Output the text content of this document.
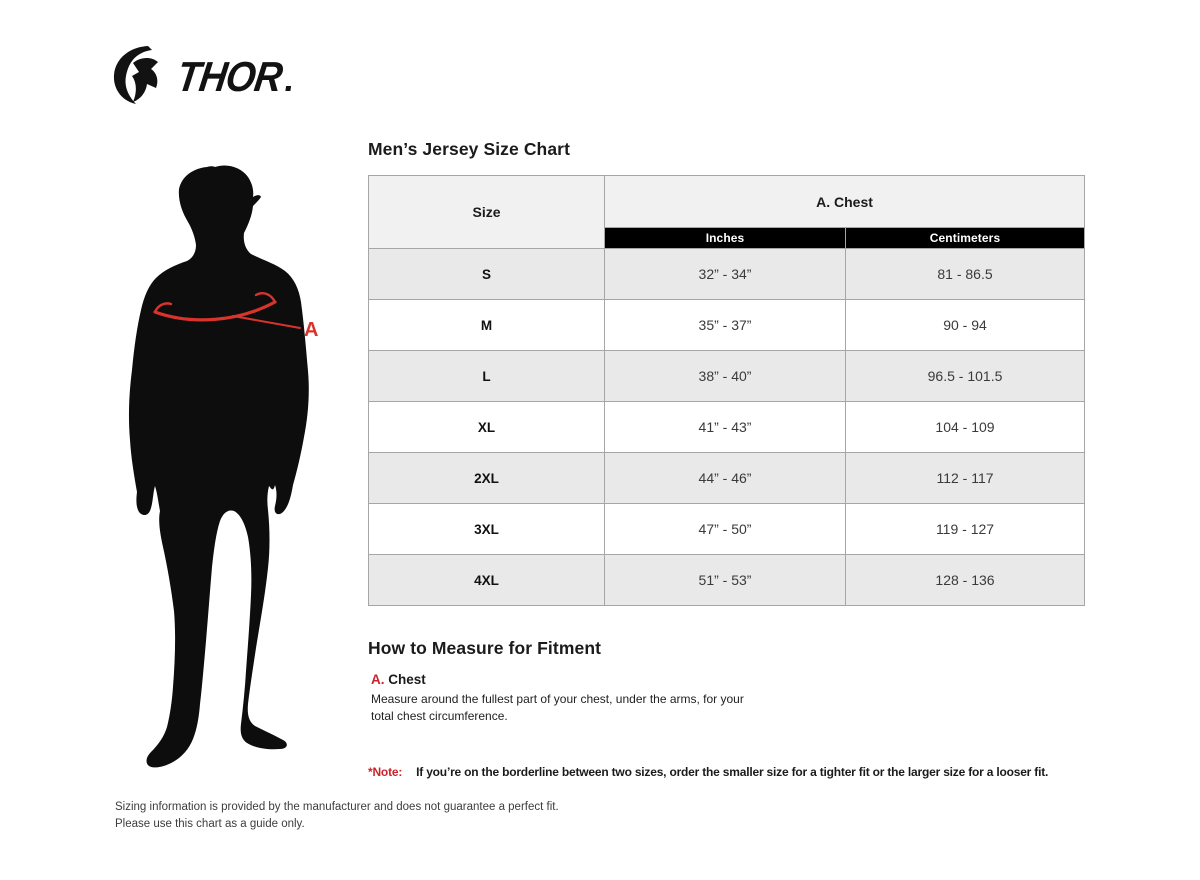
THOR
A
Men’s Jersey Size Chart
Size	A. Chest	
	Inches	Centimeters
S	32” - 34”	81 - 86.5
M	35” - 37”	90 - 94
L	38” - 40”	96.5 - 101.5
XL	41” - 43”	104 - 109
2XL	44” - 46”	112 - 117
3XL	47” - 50”	119 - 127
4XL	51” - 53”	128 - 136
How to Measure for Fitment
A. Chest
Measure around the fullest part of your chest, under the arms, for your
total chest circumference.
*Note: If you’re on the borderline between two sizes, order the smaller size for a tighter fit or the larger size for a looser fit.
Sizing information is provided by the manufacturer and does not guarantee a perfect fit.
Please use this chart as a guide only.
